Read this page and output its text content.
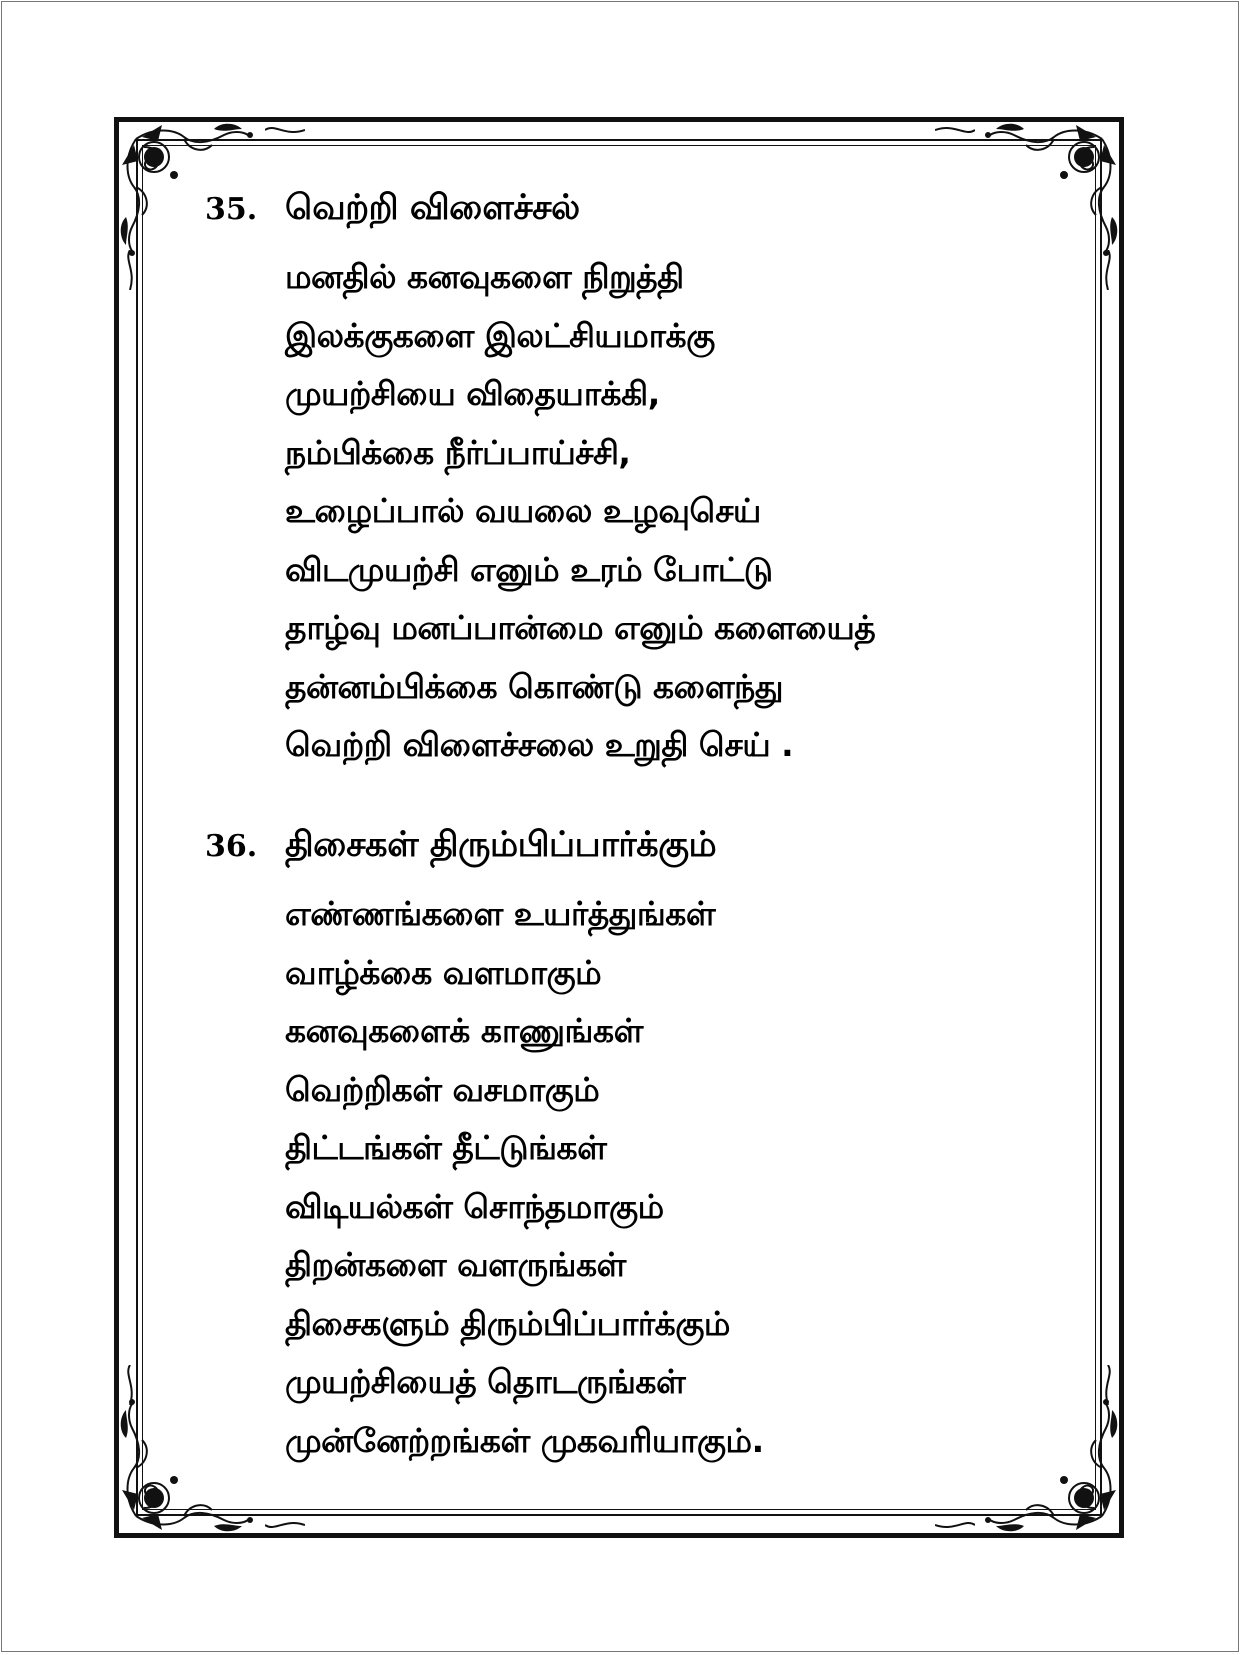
35. வெற்றி விளைச்சல்
மனதில் கனவுகளை நிறுத்தி
இலக்குகளை இலட்சியமாக்கு
முயற்சியை விதையாக்கி,
நம்பிக்கை நீர்ப்பாய்ச்சி,
உழைப்பால் வயலை உழவுசெய்
விடமுயற்சி எனும் உரம் போட்டு
தாழ்வு மனப்பான்மை எனும் களையைத்
தன்னம்பிக்கை கொண்டு களைந்து
வெற்றி விளைச்சலை உறுதி செய் .
36. திசைகள் திரும்பிப்பார்க்கும்
எண்ணங்களை உயர்த்துங்கள்
வாழ்க்கை வளமாகும்
கனவுகளைக் காணுங்கள்
வெற்றிகள் வசமாகும்
திட்டங்கள் தீட்டுங்கள்
விடியல்கள் சொந்தமாகும்
திறன்களை வளருங்கள்
திசைகளும் திரும்பிப்பார்க்கும்
முயற்சியைத் தொடருங்கள்
முன்னேற்றங்கள் முகவரியாகும்.
